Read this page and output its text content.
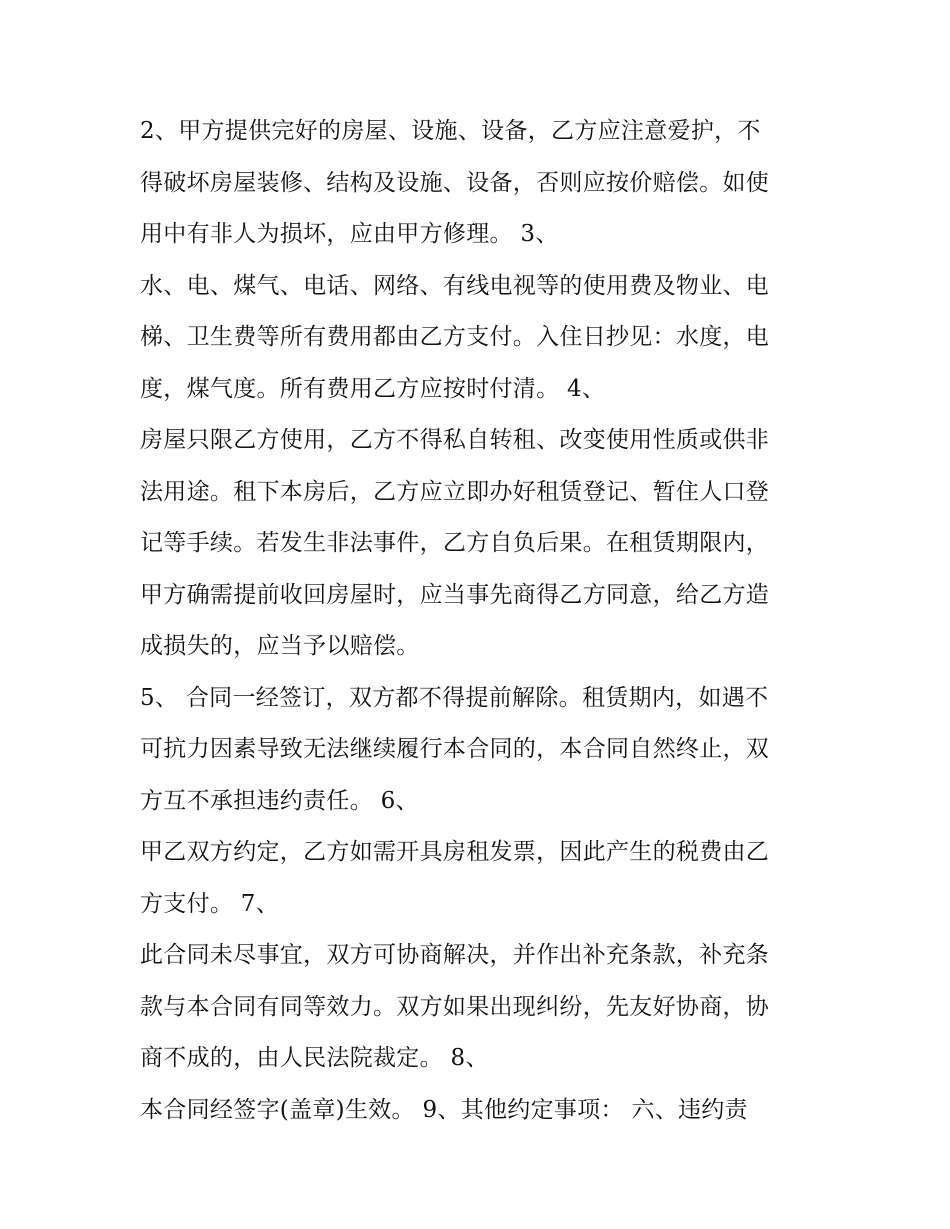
2、甲方提供完好的房屋、设施、设备，乙方应注意爱护，不
得破坏房屋装修、结构及设施、设备，否则应按价赔偿。如使
用中有非人为损坏，应由甲方修理。 3、
水、电、煤气、电话、网络、有线电视等的使用费及物业、电
梯、卫生费等所有费用都由乙方支付。入住日抄见：水度，电
度，煤气度。所有费用乙方应按时付清。 4、
房屋只限乙方使用，乙方不得私自转租、改变使用性质或供非
法用途。租下本房后，乙方应立即办好租赁登记、暂住人口登
记等手续。若发生非法事件，乙方自负后果。在租赁期限内，
甲方确需提前收回房屋时，应当事先商得乙方同意，给乙方造
成损失的，应当予以赔偿。
5、 合同一经签订，双方都不得提前解除。租赁期内，如遇不
可抗力因素导致无法继续履行本合同的，本合同自然终止，双
方互不承担违约责任。 6、
甲乙双方约定，乙方如需开具房租发票，因此产生的税费由乙
方支付。 7、
此合同未尽事宜，双方可协商解决，并作出补充条款，补充条
款与本合同有同等效力。双方如果出现纠纷，先友好协商，协
商不成的，由人民法院裁定。 8、
本合同经签字(盖章)生效。 9、其他约定事项： 六、违约责
